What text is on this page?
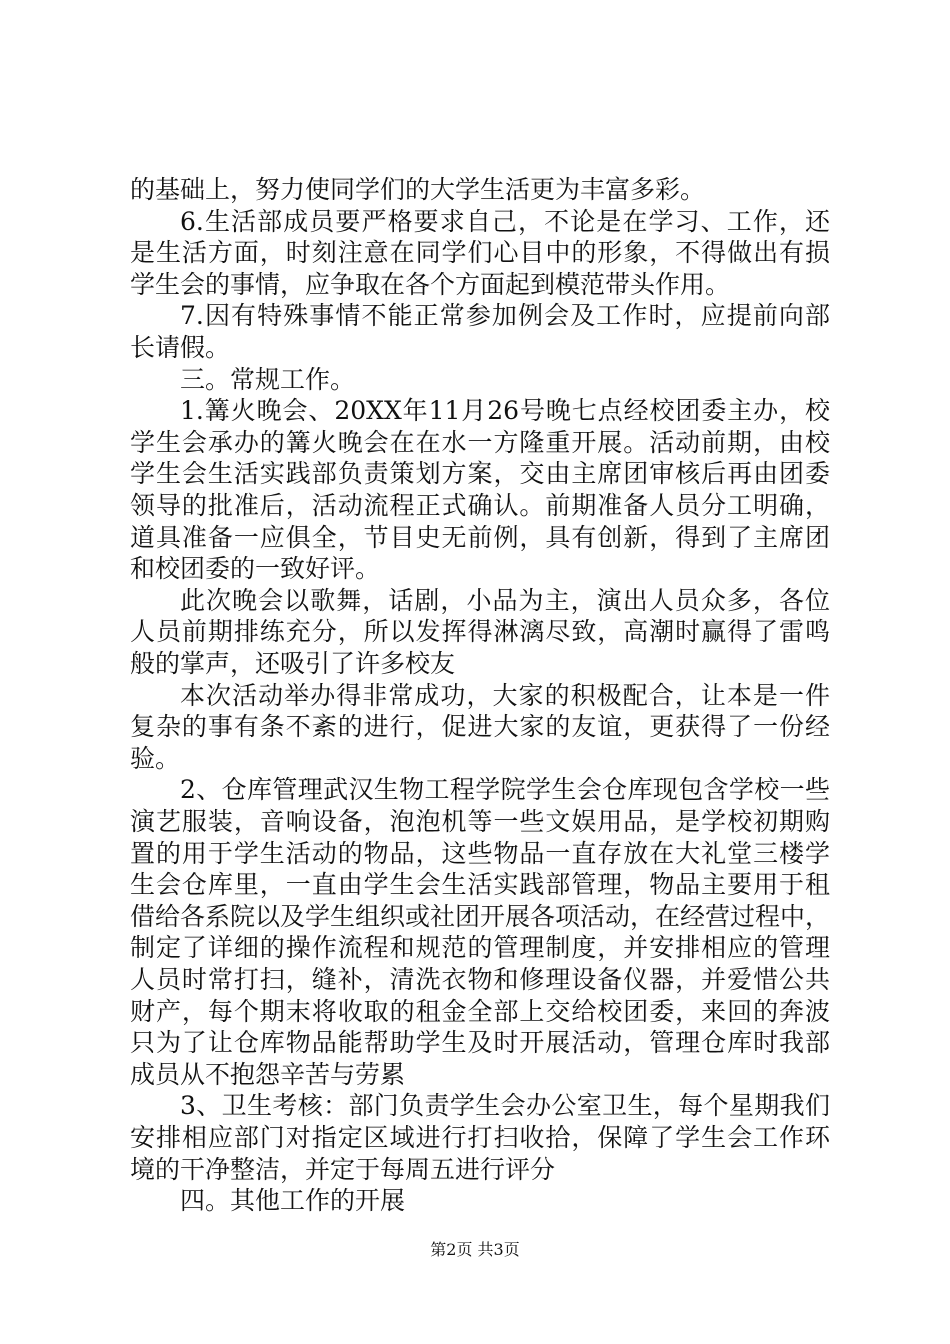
的基础上，努力使同学们的大学生活更为丰富多彩。
6.生活部成员要严格要求自己，不论是在学习、工作，还
是生活方面，时刻注意在同学们心目中的形象，不得做出有损
学生会的事情，应争取在各个方面起到模范带头作用。
7.因有特殊事情不能正常参加例会及工作时，应提前向部
长请假。
三。常规工作。
1.篝火晚会、20XX年11月26号晚七点经校团委主办，校
学生会承办的篝火晚会在在水一方隆重开展。活动前期，由校
学生会生活实践部负责策划方案，交由主席团审核后再由团委
领导的批准后，活动流程正式确认。前期准备人员分工明确，
道具准备一应俱全，节目史无前例，具有创新，得到了主席团
和校团委的一致好评。
此次晚会以歌舞，话剧，小品为主，演出人员众多，各位
人员前期排练充分，所以发挥得淋漓尽致，高潮时赢得了雷鸣
般的掌声，还吸引了许多校友
本次活动举办得非常成功，大家的积极配合，让本是一件
复杂的事有条不紊的进行，促进大家的友谊，更获得了一份经
验。
2、仓库管理武汉生物工程学院学生会仓库现包含学校一些
演艺服装，音响设备，泡泡机等一些文娱用品，是学校初期购
置的用于学生活动的物品，这些物品一直存放在大礼堂三楼学
生会仓库里，一直由学生会生活实践部管理，物品主要用于租
借给各系院以及学生组织或社团开展各项活动，在经营过程中，
制定了详细的操作流程和规范的管理制度，并安排相应的管理
人员时常打扫，缝补，清洗衣物和修理设备仪器，并爱惜公共
财产，每个期末将收取的租金全部上交给校团委，来回的奔波
只为了让仓库物品能帮助学生及时开展活动，管理仓库时我部
成员从不抱怨辛苦与劳累
3、卫生考核：部门负责学生会办公室卫生，每个星期我们
安排相应部门对指定区域进行打扫收拾，保障了学生会工作环
境的干净整洁，并定于每周五进行评分
四。其他工作的开展
第2页 共3页
